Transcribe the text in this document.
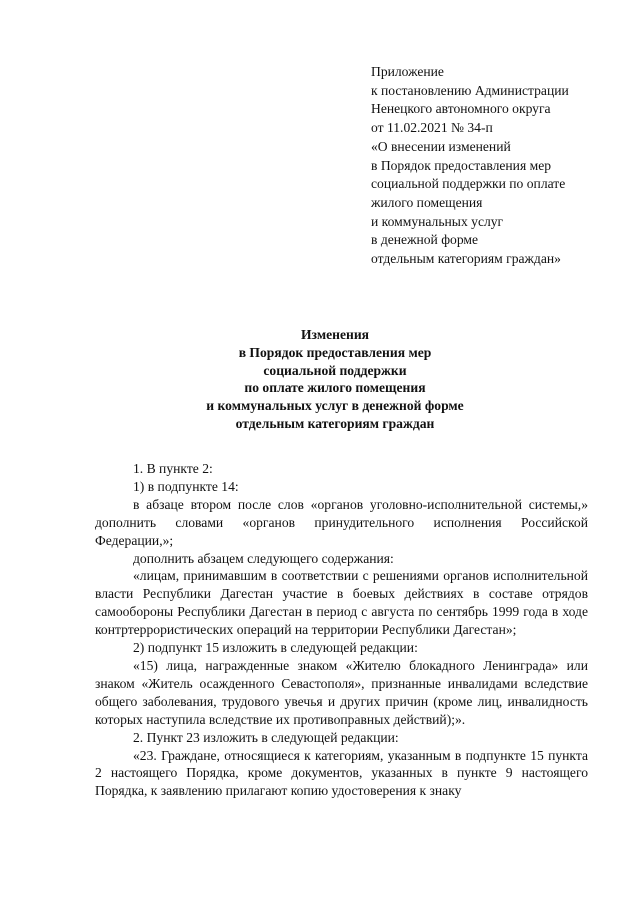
Приложение
к постановлению Администрации
Ненецкого автономного округа
от 11.02.2021 № 34-п
«О внесении изменений
в Порядок предоставления мер
социальной поддержки по оплате
жилого помещения
и коммунальных услуг
в денежной форме
отдельным категориям граждан»
Изменения
в Порядок предоставления мер
социальной поддержки
по оплате жилого помещения
и коммунальных услуг в денежной форме
отдельным категориям граждан

1. В пункте 2:

1) в подпункте 14:

в абзаце втором после слов «органов уголовно-исполнительной системы,» дополнить словами «органов принудительного исполнения Российской Федерации,»;

дополнить абзацем следующего содержания:

«лицам, принимавшим в соответствии с решениями органов исполнительной власти Республики Дагестан участие в боевых действиях в составе отрядов самообороны Республики Дагестан в период с августа по сентябрь 1999 года в ходе контртеррористических операций на территории Республики Дагестан»;

2) подпункт 15 изложить в следующей редакции:

«15) лица, награжденные знаком «Жителю блокадного Ленинграда» или знаком «Житель осажденного Севастополя», признанные инвалидами вследствие общего заболевания, трудового увечья и других причин (кроме лиц, инвалидность которых наступила вследствие их противоправных действий);».

2. Пункт 23 изложить в следующей редакции:

«23. Граждане, относящиеся к категориям, указанным в подпункте 15 пункта 2 настоящего Порядка, кроме документов, указанных в пункте 9 настоящего Порядка, к заявлению прилагают копию удостоверения к знаку
